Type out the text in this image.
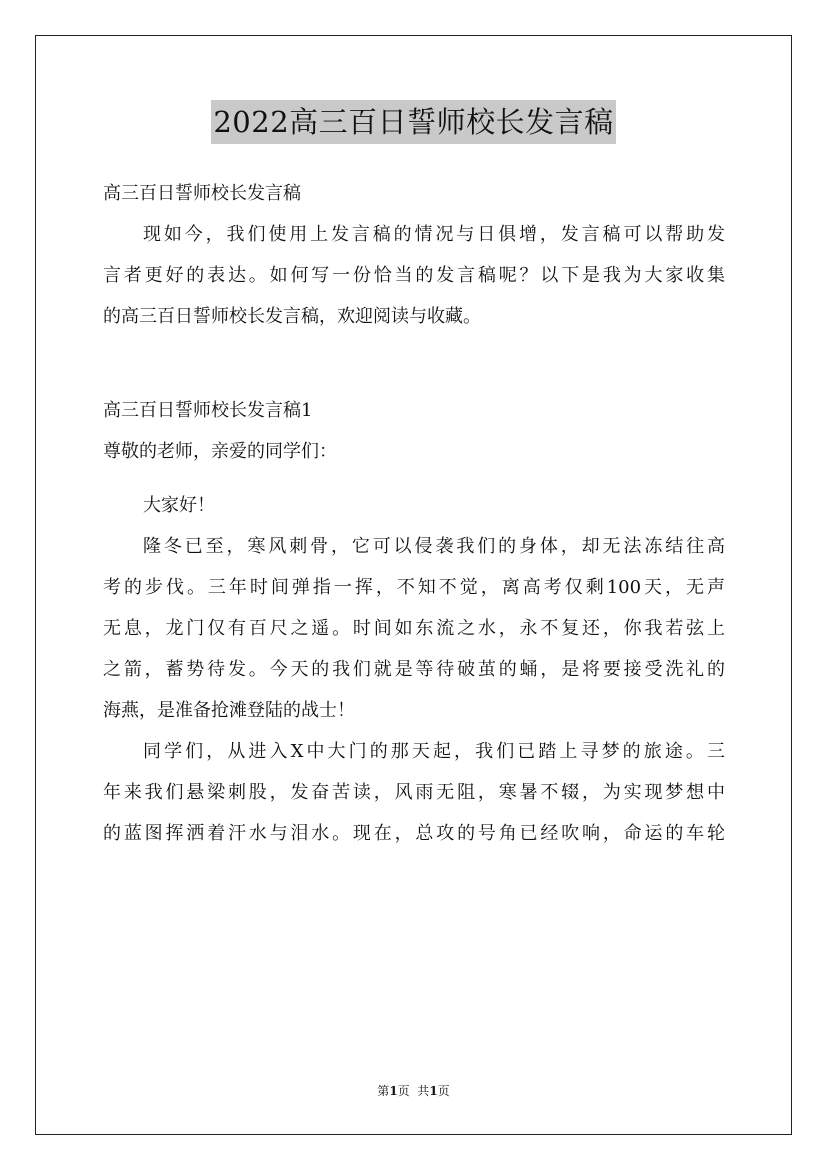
2022高三百日誓师校长发言稿

高三百日誓师校长发言稿

现如今，我们使用上发言稿的情况与日俱增，发言稿可以帮助发

言者更好的表达。如何写一份恰当的发言稿呢？以下是我为大家收集

的高三百日誓师校长发言稿，欢迎阅读与收藏。

高三百日誓师校长发言稿1

尊敬的老师，亲爱的同学们：

大家好！

隆冬已至，寒风刺骨，它可以侵袭我们的身体，却无法冻结往高

考的步伐。三年时间弹指一挥，不知不觉，离高考仅剩100天，无声

无息，龙门仅有百尺之遥。时间如东流之水，永不复还，你我若弦上

之箭，蓄势待发。今天的我们就是等待破茧的蛹，是将要接受洗礼的

海燕，是准备抢滩登陆的战士！

同学们，从进入X中大门的那天起，我们已踏上寻梦的旅途。三

年来我们悬梁刺股，发奋苦读，风雨无阻，寒暑不辍，为实现梦想中

的蓝图挥洒着汗水与泪水。现在，总攻的号角已经吹响，命运的车轮

第1页  共1页
